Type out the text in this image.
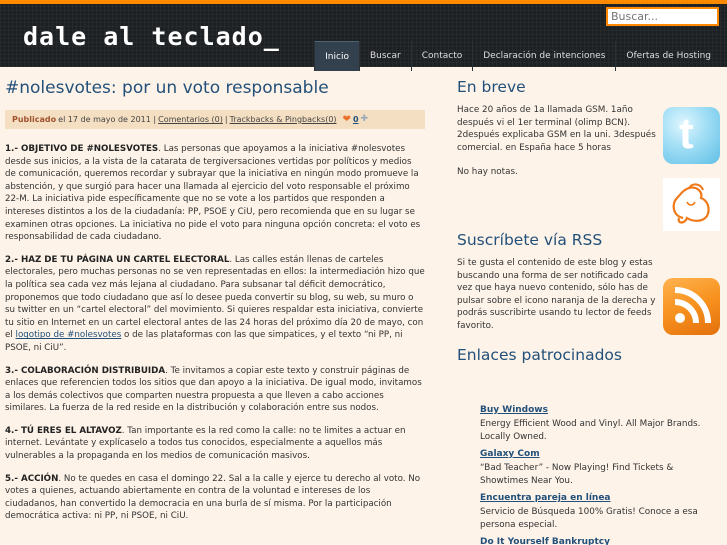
dale al teclado_
Buscar...
Inicio	Buscar	Contacto	Declaración de intenciones	Ofertas de Hosting
#nolesvotes: por un voto responsable
Publicado el 17 de mayo de 2011 | Comentarios (0) | Trackbacks & Pingbacks(0) ❤ 0 ✚

1.- OBJETIVO DE #NOLESVOTES. Las personas que apoyamos a la iniciativa #nolesvotes desde sus inicios, a la vista de la catarata de tergiversaciones vertidas por políticos y medios de comunicación, queremos recordar y subrayar que la iniciativa en ningún modo promueve la abstención, y que surgió para hacer una llamada al ejercicio del voto responsable el próximo 22-M. La iniciativa pide específicamente que no se vote a los partidos que responden a intereses distintos a los de la ciudadanía: PP, PSOE y CiU, pero recomienda que en su lugar se examinen otras opciones. La iniciativa no pide el voto para ninguna opción concreta: el voto es responsabilidad de cada ciudadano.

2.- HAZ DE TU PÁGINA UN CARTEL ELECTORAL. Las calles están llenas de carteles electorales, pero muchas personas no se ven representadas en ellos: la intermediación hizo que la política sea cada vez más lejana al ciudadano. Para subsanar tal déficit democrático, proponemos que todo ciudadano que así lo desee pueda convertir su blog, su web, su muro o su twitter en un “cartel electoral” del movimiento. Si quieres respaldar esta iniciativa, convierte tu sitio en Internet en un cartel electoral antes de las 24 horas del próximo día 20 de mayo, con el logotipo de #nolesvotes o de las plataformas con las que simpatices, y el texto “ni PP, ni PSOE, ni CiU”.

3.- COLABORACIÓN DISTRIBUIDA. Te invitamos a copiar este texto y construir páginas de enlaces que referencien todos los sitios que dan apoyo a la iniciativa. De igual modo, invitamos a los demás colectivos que comparten nuestra propuesta a que lleven a cabo acciones similares. La fuerza de la red reside en la distribución y colaboración entre sus nodos.

4.- TÚ ERES EL ALTAVOZ. Tan importante es la red como la calle: no te limites a actuar en internet. Levántate y explícaselo a todos tus conocidos, especialmente a aquellos más vulnerables a la propaganda en los medios de comunicación masivos.

5.- ACCIÓN. No te quedes en casa el domingo 22. Sal a la calle y ejerce tu derecho al voto. No votes a quienes, actuando abiertamente en contra de la voluntad e intereses de los ciudadanos, han convertido la democracia en una burla de sí misma. Por la participación democrática activa: ni PP, ni PSOE, ni CiU.

En breve
Hace 20 años de 1a llamada GSM. 1año después vi el 1er terminal (olimp BCN). 2después explicaba GSM en la uni. 3después comercial. en España hace 5 horas
No hay notas.
Suscríbete vía RSS
Si te gusta el contenido de este blog y estas buscando una forma de ser notificado cada vez que haya nuevo contenido, sólo has de pulsar sobre el icono naranja de la derecha y podrás suscribirte usando tu lector de feeds favorito.
Enlaces patrocinados
t
Buy Windows
Energy Efficient Wood and Vinyl. All Major Brands. Locally Owned.
Galaxy Com
“Bad Teacher” - Now Playing! Find Tickets & Showtimes Near You.
Encuentra pareja en línea
Servicio de Búsqueda 100% Gratis! Conoce a esa persona especial.
Do It Yourself Bankruptcy
